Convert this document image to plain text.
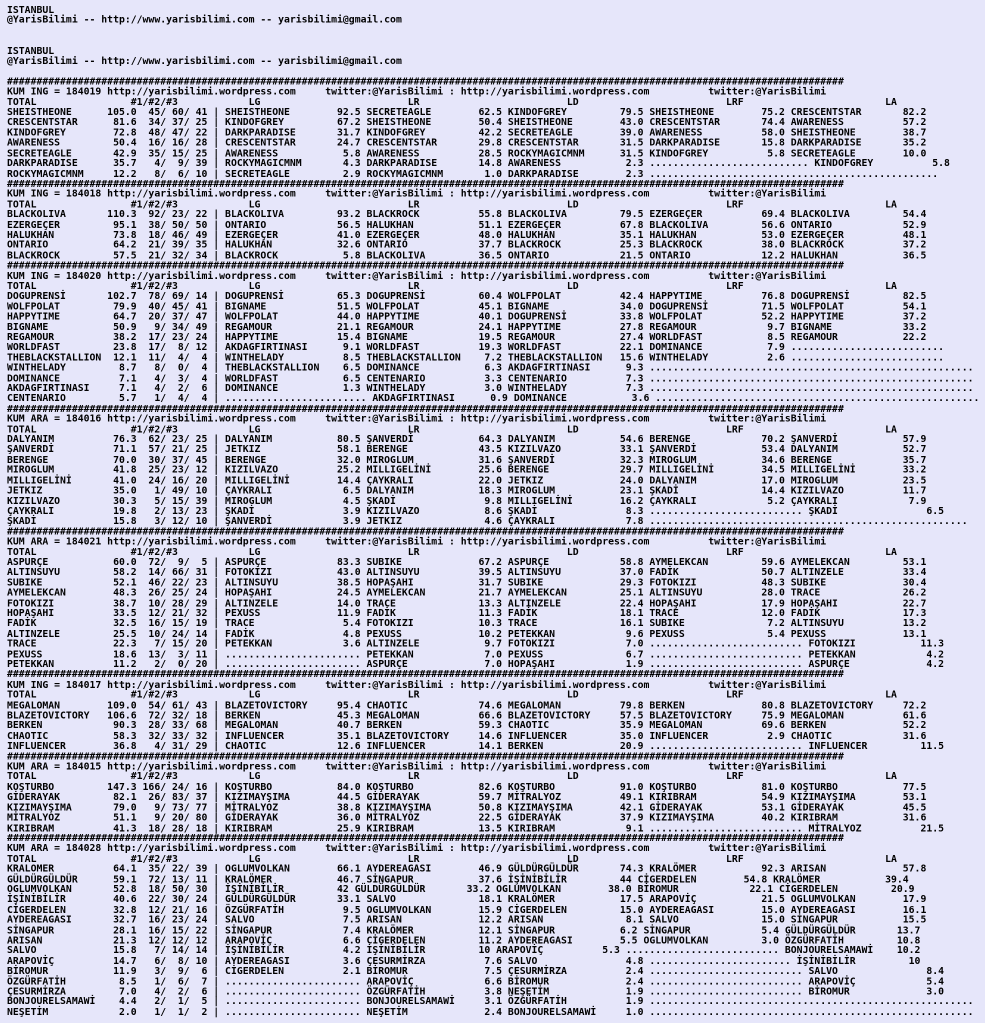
ISTANBUL
@YarisBilimi -- http://www.yarisbilimi.com -- yarisbilimi@gmail.com

ISTANBUL
@YarisBilimi -- http://www.yarisbilimi.com -- yarisbilimi@gmail.com

##############################################################################################################################################
KUM ING = 184019 http://yarisbilimi.wordpress.com     twitter:@YarisBilimi : http://yarisbilimi.wordpress.com          twitter:@YarisBilimi
TOTAL                #1/#2/#3            LG                         LR                         LD                         LRF                        LA
SHEISTHEONE      105.0  45/ 60/ 41 | SHEISTHEONE        92.5 SECRETEAGLE        62.5 KINDOFGREY         79.5 SHEISTHEONE        75.2 CRESCENTSTAR       82.2
CRESCENTSTAR      81.6  34/ 37/ 25 | KINDOFGREY         67.2 SHEISTHEONE        50.4 SHEISTHEONE        43.0 CRESCENTSTAR       74.4 AWARENESS          57.2
KINDOFGREY        72.8  48/ 47/ 22 | DARKPARADISE       31.7 KINDOFGREY         42.2 SECRETEAGLE        39.0 AWARENESS          58.0 SHEISTHEONE        38.7
AWARENESS         50.4  16/ 16/ 28 | CRESCENTSTAR       24.7 CRESCENTSTAR       29.8 CRESCENTSTAR       31.5 DARKPARADISE       15.8 DARKPARADISE       35.2
SECRETEAGLE       42.9  35/ 15/ 25 | AWARENESS           5.8 AWARENESS          28.5 ROCKYMAGICMNM      31.5 KINDOFGREY          5.8 SECRETEAGLE        10.0
DARKPARADISE      35.7   4/  9/ 39 | ROCKYMAGICMNM       4.3 DARKPARADISE       14.8 AWARENESS           2.3 ........................... KINDOFGREY          5.8
ROCKYMAGICMNM     12.2   8/  6/ 10 | SECRETEAGLE         2.9 ROCKYMAGICMNM       1.0 DARKPARADISE        2.3 .................................................
##############################################################################################################################################
KUM ING = 184018 http://yarisbilimi.wordpress.com     twitter:@YarisBilimi : http://yarisbilimi.wordpress.com          twitter:@YarisBilimi
TOTAL                #1/#2/#3            LG                         LR                         LD                         LRF                        LA
BLACKOLIVA       110.3  92/ 23/ 22 | BLACKOLIVA         93.2 BLACKROCK          55.8 BLACKOLIVA         79.5 EZERGEÇER          69.4 BLACKOLIVA         54.4
EZERGEÇER         95.1  38/ 50/ 50 | ONTARIO            56.5 HALUKHAN           51.1 EZERGEÇER          67.8 BLACKOLIVA         56.6 ONTARIO            52.9
HALUKHAN          73.8  18/ 46/ 49 | EZERGEÇER          41.0 EZERGEÇER          48.0 HALUKHAN           35.1 HALUKHAN           53.0 EZERGEÇER          48.1
ONTARIO           64.2  21/ 39/ 35 | HALUKHAN           32.6 ONTARIO            37.7 BLACKROCK          25.3 BLACKROCK          38.0 BLACKROCK          37.2
BLACKROCK         57.5  21/ 32/ 34 | BLACKROCK           5.8 BLACKOLIVA         36.5 ONTARIO            21.5 ONTARIO            12.2 HALUKHAN           36.5
##############################################################################################################################################
KUM ING = 184020 http://yarisbilimi.wordpress.com     twitter:@YarisBilimi : http://yarisbilimi.wordpress.com          twitter:@YarisBilimi
TOTAL                #1/#2/#3            LG                         LR                         LD                         LRF                        LA
DOGUPRENSİ       102.7  78/ 69/ 14 | DOGUPRENSİ         65.3 DOGUPRENSİ         60.4 WOLFPOLAT          42.4 HAPPYTIME          76.8 DOGUPRENSİ         82.5
WOLFPOLAT         79.9  40/ 45/ 41 | BIGNAME            51.5 WOLFPOLAT          45.1 BIGNAME            34.0 DOGUPRENSİ         71.5 WOLFPOLAT          54.1
HAPPYTIME         64.7  20/ 37/ 47 | WOLFPOLAT          44.0 HAPPYTIME          40.1 DOGUPRENSİ         33.8 WOLFPOLAT          52.2 HAPPYTIME          37.2
BIGNAME           50.9   9/ 34/ 49 | REGAMOUR           21.1 REGAMOUR           24.1 HAPPYTIME          27.8 REGAMOUR            9.7 BIGNAME            33.2
REGAMOUR          38.2  17/ 23/ 24 | HAPPYTIME          15.4 BIGNAME            19.5 REGAMOUR           27.4 WORLDFAST           8.5 REGAMOUR           22.2
WORLDFAST         23.8  17/  8/ 12 | AKDAGFIRTINASI      9.1 WORLDFAST          19.3 WORLDFAST          22.1 DOMINANCE           7.9 ..........................
THEBLACKSTALLION  12.1  11/  4/  4 | WINTHELADY          8.5 THEBLACKSTALLION    7.2 THEBLACKSTALLION   15.6 WINTHELADY          2.6 ..........................
WINTHELADY         8.7   8/  0/  4 | THEBLACKSTALLION    6.5 DOMINANCE           6.3 AKDAGFIRTINASI      9.3 .......................................................
DOMINANCE          7.1   4/  3/  4 | WORLDFAST           6.5 CENTENARIO          3.3 CENTENARIO          7.3 .......................................................
AKDAGFIRTINASI     7.1   4/  2/  6 | DOMINANCE           1.3 WINTHELADY          3.0 WINTHELADY          7.3 .......................................................
CENTENARIO         5.7   1/  4/  4 | ........................ AKDAGFIRTINASI      0.9 DOMINANCE           3.6 .......................................................
##############################################################################################################################################
KUM ARA = 184016 http://yarisbilimi.wordpress.com     twitter:@YarisBilimi : http://yarisbilimi.wordpress.com          twitter:@YarisBilimi
TOTAL                #1/#2/#3            LG                         LR                         LD                         LRF                        LA
DALYANIM          76.3  62/ 23/ 25 | DALYANIM           80.5 ŞANVERDİ           64.3 DALYANIM           54.6 BERENGE            70.2 ŞANVERDİ           57.9
ŞANVERDİ          71.1  57/ 21/ 25 | JETKIZ             58.1 BERENGE            43.5 KIZILVAZO          33.1 ŞANVERDİ           53.4 DALYANIM           52.7
BERENGE           70.0  30/ 37/ 45 | BERENGE            32.0 MIROGLUM           31.6 ŞANVERDİ           32.3 MIROGLUM           34.6 BERENGE            35.7
MIROGLUM          41.8  25/ 23/ 12 | KIZILVAZO          25.2 MILLIGELİNİ        25.6 BERENGE            29.7 MILLIGELİNİ        34.5 MILLIGELİNİ        33.2
MILLIGELİNİ       41.0  24/ 16/ 20 | MILLIGELİNİ        14.4 ÇAYKRALI           22.0 JETKIZ             24.0 DALYANIM           17.0 MIROGLUM           23.5
JETKIZ            35.0   1/ 49/ 10 | ÇAYKRALI            6.5 DALYANIM           18.3 MIROGLUM           23.1 ŞKADİ              14.4 KIZILVAZO          11.7
KIZILVAZO         30.3   5/ 15/ 39 | MIROGLUM            4.5 ŞKADİ               9.8 MILLIGELİNİ        16.2 ÇAYKRALI            5.2 ÇAYKRALI            7.9
ÇAYKRALI          19.8   2/ 13/ 23 | ŞKADİ               3.9 KIZILVAZO           8.6 ŞKADİ               8.3 .......................... ŞKADİ               6.5
ŞKADİ             15.8   3/ 12/ 10 | ŞANVERDİ            3.9 JETKIZ              4.6 ÇAYKRALI            7.8 ......................................................
##############################################################################################################################################
KUM ARA = 184021 http://yarisbilimi.wordpress.com     twitter:@YarisBilimi : http://yarisbilimi.wordpress.com          twitter:@YarisBilimi
TOTAL                #1/#2/#3            LG                         LR                         LD                         LRF                        LA
ASPURÇE           60.0  72/  9/  5 | ASPURÇE            83.3 SUBIKE             67.2 ASPURÇE            58.8 AYMELEKCAN         59.6 AYMELEKCAN         53.1
ALTINSUYU         58.2  14/ 66/ 31 | FOTOKIZI           43.0 ALTINSUYU          39.5 ALTINSUYU          37.0 FADİK              50.7 ALTINZELE          33.4
SUBIKE            52.1  46/ 22/ 23 | ALTINSUYU          38.5 HOPAŞAHI           31.7 SUBIKE             29.3 FOTOKIZI           48.3 SUBIKE             30.4
AYMELEKCAN        48.3  26/ 25/ 24 | HOPAŞAHI           24.5 AYMELEKCAN         21.7 AYMELEKCAN         25.1 ALTINSUYU          28.0 TRACE              26.2
FOTOKIZI          38.7  10/ 28/ 29 | ALTINZELE          14.0 TRACE              13.3 ALTINZELE          22.4 HOPAŞAHI           17.9 HOPAŞAHI           22.7
HOPAŞAHI          33.5  12/ 21/ 32 | PEXUSS             11.9 FADİK              11.3 FADİK              18.1 TRACE              12.0 FADİK              17.3
FADİK             32.5  16/ 15/ 19 | TRACE               5.4 FOTOKIZI           10.3 TRACE              16.1 SUBIKE              7.2 ALTINSUYU          13.2
ALTINZELE         25.5  10/ 24/ 14 | FADİK               4.8 PEXUSS             10.2 PETEKKAN            9.6 PEXUSS              5.4 PEXUSS             13.1
TRACE             22.3   7/ 15/ 20 | PETEKKAN            3.6 ALTINZELE           9.7 FOTOKIZI            7.0 .......................... FOTOKIZI           11.3
PEXUSS            18.6  13/  3/ 11 | ....................... PETEKKAN            7.0 PEXUSS              6.7 .......................... PETEKKAN            4.2
PETEKKAN          11.2   2/  0/ 20 | ....................... ASPURÇE             7.0 HOPAŞAHI            1.9 .......................... ASPURÇE             4.2
##############################################################################################################################################
KUM ING = 184017 http://yarisbilimi.wordpress.com     twitter:@YarisBilimi : http://yarisbilimi.wordpress.com          twitter:@YarisBilimi
TOTAL                #1/#2/#3            LG                         LR                         LD                         LRF                        LA
MEGALOMAN        109.0  54/ 61/ 43 | BLAZETOVICTORY     95.4 CHAOTIC            74.6 MEGALOMAN          79.8 BERKEN             80.8 BLAZETOVICTORY     72.2
BLAZETOVICTORY   106.6  72/ 32/ 18 | BERKEN             45.3 MEGALOMAN          66.6 BLAZETOVICTORY     57.5 BLAZETOVICTORY     75.9 MEGALOMAN          61.6
BERKEN            90.3  28/ 33/ 68 | MEGALOMAN          40.7 BERKEN             59.3 CHAOTIC            35.9 MEGALOMAN          69.6 BERKEN             52.2
CHAOTIC           58.3  32/ 33/ 32 | INFLUENCER         35.1 BLAZETOVICTORY     14.6 INFLUENCER         35.0 INFLUENCER          2.9 CHAOTIC            31.6
INFLUENCER        36.8   4/ 31/ 29 | CHAOTIC            12.6 INFLUENCER         14.1 BERKEN             20.9 .......................... INFLUENCER         11.5
##############################################################################################################################################
KUM ARA = 184015 http://yarisbilimi.wordpress.com     twitter:@YarisBilimi : http://yarisbilimi.wordpress.com          twitter:@YarisBilimi
TOTAL                #1/#2/#3            LG                         LR                         LD                         LRF                        LA
KOŞTURBO         147.3 166/ 24/ 16 | KOŞTURBO           84.0 KOŞTURBO           82.6 KOŞTURBO           91.0 KOŞTURBO           81.0 KOŞTURBO           77.5
GİDERAYAK         82.1  26/ 83/ 37 | KIZIMAYŞIMA        44.5 GİDERAYAK          59.7 MİTRALYOZ          49.1 KIRIBRAM           54.9 KIZIMAYŞIMA        53.1
KIZIMAYŞIMA       79.0   9/ 73/ 77 | MİTRALYOZ          38.8 KIZIMAYŞIMA        50.8 KIZIMAYŞIMA        42.1 GİDERAYAK          53.1 GİDERAYAK          45.5
MİTRALYOZ         51.1   9/ 20/ 80 | GİDERAYAK          36.0 MİTRALYOZ          22.5 GİDERAYAK          37.9 KIZIMAYŞIMA        40.2 KIRIBRAM           31.6
KIRIBRAM          41.3  18/ 28/ 18 | KIRIBRAM           25.9 KIRIBRAM           13.5 KIRIBRAM            9.1 .......................... MİTRALYOZ          21.5
##############################################################################################################################################
KUM ARA = 184028 http://yarisbilimi.wordpress.com     twitter:@YarisBilimi : http://yarisbilimi.wordpress.com          twitter:@YarisBilimi
TOTAL                #1/#2/#3            LG                         LR                         LD                         LRF                        LA
KRALOMER          64.1  35/ 22/ 39 | OGLUMVOLKAN        66.1 AYDEREAGASI        46.9 GÜLDÜRGÜLDÜR       74.3 KRALÖMER           92.3 ARISAN             57.8
GÜLDÜRGÜLDÜR      59.1  72/ 13/ 11 | KRALÖMER           46.7 SİNGAPUR           37.6 İŞİNİBİLİR         44 CİGERDELEN        54.8 KRALÖMER           39.4
OGLUMVOLKAN       52.8  18/ 50/ 30 | İŞİNİBİLİR         42 GÜLDÜRGÜLDÜR       33.2 OGLUMVOLKAN        38.0 BİROMUR            22.1 CİGERDELEN         20.9
İŞİNİBİLİR        40.6  22/ 30/ 24 | GÜLDÜRGÜLDÜR       33.1 SALVO              18.1 KRALÖMER           17.5 ARAPOVİÇ           21.5 OGLUMVOLKAN        17.9
CİGERDELEN        32.8  12/ 21/ 16 | ÖZGÜRFATİH          9.5 OGLUMVOLKAN        15.9 CİGERDELEN         15.0 AYDEREAGASI        15.0 AYDEREAGASI        16.1
AYDEREAGASI       32.7  16/ 23/ 24 | SALVO               7.5 ARISAN             12.2 ARISAN              8.1 SALVO              15.0 SİNGAPUR           15.5
SİNGAPUR          28.1  16/ 15/ 22 | SİNGAPUR            7.4 KRALÖMER           12.1 SİNGAPUR           6.2 SİNGAPUR            5.4 GÜLDÜRGÜLDÜR       13.7
ARISAN            21.3  12/ 12/ 12 | ARAPOVİÇ            6.6 CİGERDELEN         11.2 AYDEREAGASI        5.5 OGLUMVOLKAN         3.0 ÖZGÜRFATİH         10.8
SALVO             15.8   7/ 14/ 14 | İŞİNİBİLİR          4.2 İŞİNİBİLİR         10 ARAPOVİÇ          5.3 .......................... BONJOURELSAMAWİ    10.2
ARAPOVİÇ          14.7   6/  8/ 10 | AYDEREAGASI         3.6 ÇESURMİRZA          7.6 SALVO               4.8 ........................ İŞİNİBİLİR         10
BİROMUR           11.9   3/  9/  6 | CİGERDELEN          2.1 BİROMUR             7.5 ÇESURMİRZA          2.4 .......................... SALVO               8.4
ÖZGÜRFATİH         8.5   1/  6/  7 | ....................... ARAPOVİÇ            6.6 BİROMUR             2.4 .......................... ARAPOVİÇ            5.4
ÇESURMİRZA         7.0   4/  2/  6 | ....................... ÖZGÜRFATİH          3.8 NEŞETİM             1.9 .......................... BİROMUR             3.0
BONJOURELSAMAWİ    4.4   2/  1/  5 | ....................... BONJOURELSAMAWİ     3.1 ÖZGÜRFATİH          1.9 .......................................................
NEŞETİM            2.0   1/  1/  2 | ....................... NEŞETİM             2.4 BONJOURELSAMAWİ     1.0 .......................................................
